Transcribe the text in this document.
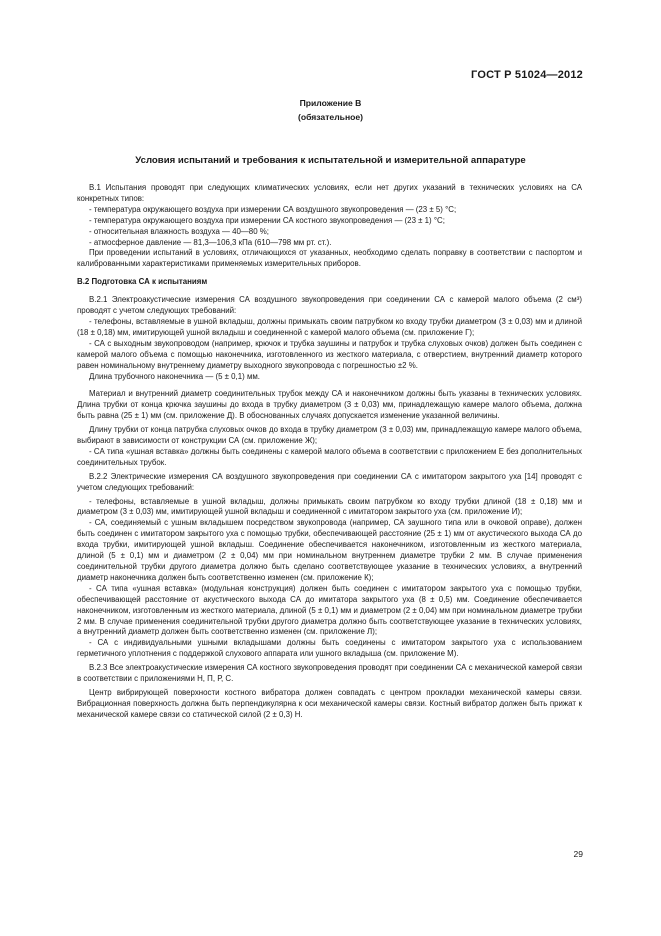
ГОСТ Р 51024—2012
Приложение В
(обязательное)
Условия испытаний и требования к испытательной и измерительной аппаратуре

В.1 Испытания проводят при следующих климатических условиях, если нет других указаний в технических условиях на СА конкретных типов:

- температура окружающего воздуха при измерении СА воздушного звукопроведения — (23 ± 5) °С;

- температура окружающего воздуха при измерении СА костного звукопроведения — (23 ± 1) °С;

- относительная влажность воздуха — 40—80 %;

- атмосферное давление — 81,3—106,3 кПа (610—798 мм рт. ст.).

При проведении испытаний в условиях, отличающихся от указанных, необходимо сделать поправку в соответствии с паспортом и калиброванными характеристиками применяемых измерительных приборов.

В.2 Подготовка СА к испытаниям

В.2.1 Электроакустические измерения СА воздушного звукопроведения при соединении СА с камерой малого объема (2 см³) проводят с учетом следующих требований:

- телефоны, вставляемые в ушной вкладыш, должны примыкать своим патрубком ко входу трубки диаметром (3 ± 0,03) мм и длиной (18 ± 0,18) мм, имитирующей ушной вкладыш и соединенной с камерой малого объема (см. приложение Г);

- СА с выходным звукопроводом (например, крючок и трубка заушины и патрубок и трубка слуховых очков) должен быть соединен с камерой малого объема с помощью наконечника, изготовленного из жесткого материала, с отверстием, внутренний диаметр которого равен номинальному внутреннему диаметру выходного звукопровода с погрешностью ±2 %.

Длина трубочного наконечника — (5 ± 0,1) мм.

Материал и внутренний диаметр соединительных трубок между СА и наконечником должны быть указаны в технических условиях. Длина трубки от конца крючка заушины до входа в трубку диаметром (3 ± 0,03) мм, принадлежащую камере малого объема, должна быть равна (25 ± 1) мм (см. приложение Д). В обоснованных случаях допускается изменение указанной величины.

Длину трубки от конца патрубка слуховых очков до входа в трубку диаметром (3 ± 0,03) мм, принадлежащую камере малого объема, выбирают в зависимости от конструкции СА (см. приложение Ж);

- СА типа «ушная вставка» должны быть соединены с камерой малого объема в соответствии с приложением Е без дополнительных соединительных трубок.

В.2.2 Электрические измерения СА воздушного звукопроведения при соединении СА с имитатором закрытого уха [14] проводят с учетом следующих требований:

- телефоны, вставляемые в ушной вкладыш, должны примыкать своим патрубком ко входу трубки длиной (18 ± 0,18) мм и диаметром (3 ± 0,03) мм, имитирующей ушной вкладыш и соединенной с имитатором закрытого уха (см. приложение И);

- СА, соединяемый с ушным вкладышем посредством звукопровода (например, СА заушного типа или в очковой оправе), должен быть соединен с имитатором закрытого уха с помощью трубки, обеспечивающей расстояние (25 ± 1) мм от акустического выхода СА до входа трубки, имитирующей ушной вкладыш. Соединение обеспечивается наконечником, изготовленным из жесткого материала, длиной (5 ± 0,1) мм и диаметром (2 ± 0,04) мм при номинальном внутреннем диаметре трубки 2 мм. В случае применения соединительной трубки другого диаметра должно быть сделано соответствующее указание в технических условиях, а внутренний диаметр наконечника должен быть соответственно изменен (см. приложение К);

- СА типа «ушная вставка» (модульная конструкция) должен быть соединен с имитатором закрытого уха с помощью трубки, обеспечивающей расстояние от акустического выхода СА до имитатора закрытого уха (8 ± 0,5) мм. Соединение обеспечивается наконечником, изготовленным из жесткого материала, длиной (5 ± 0,1) мм и диаметром (2 ± 0,04) мм при номинальном диаметре трубки 2 мм. В случае применения соединительной трубки другого диаметра должно быть соответствующее указание в технических условиях, а внутренний диаметр должен быть соответственно изменен (см. приложение Л);

- СА с индивидуальными ушными вкладышами должны быть соединены с имитатором закрытого уха с использованием герметичного уплотнения с поддержкой слухового аппарата или ушного вкладыша (см. приложение М).

В.2.3 Все электроакустические измерения СА костного звукопроведения проводят при соединении СА с механической камерой связи в соответствии с приложениями Н, П, Р, С.

Центр вибрирующей поверхности костного вибратора должен совпадать с центром прокладки механической камеры связи. Вибрационная поверхность должна быть перпендикулярна к оси механической камеры связи. Костный вибратор должен быть прижат к механической камере связи со статической силой (2 ± 0,3) Н.

29
